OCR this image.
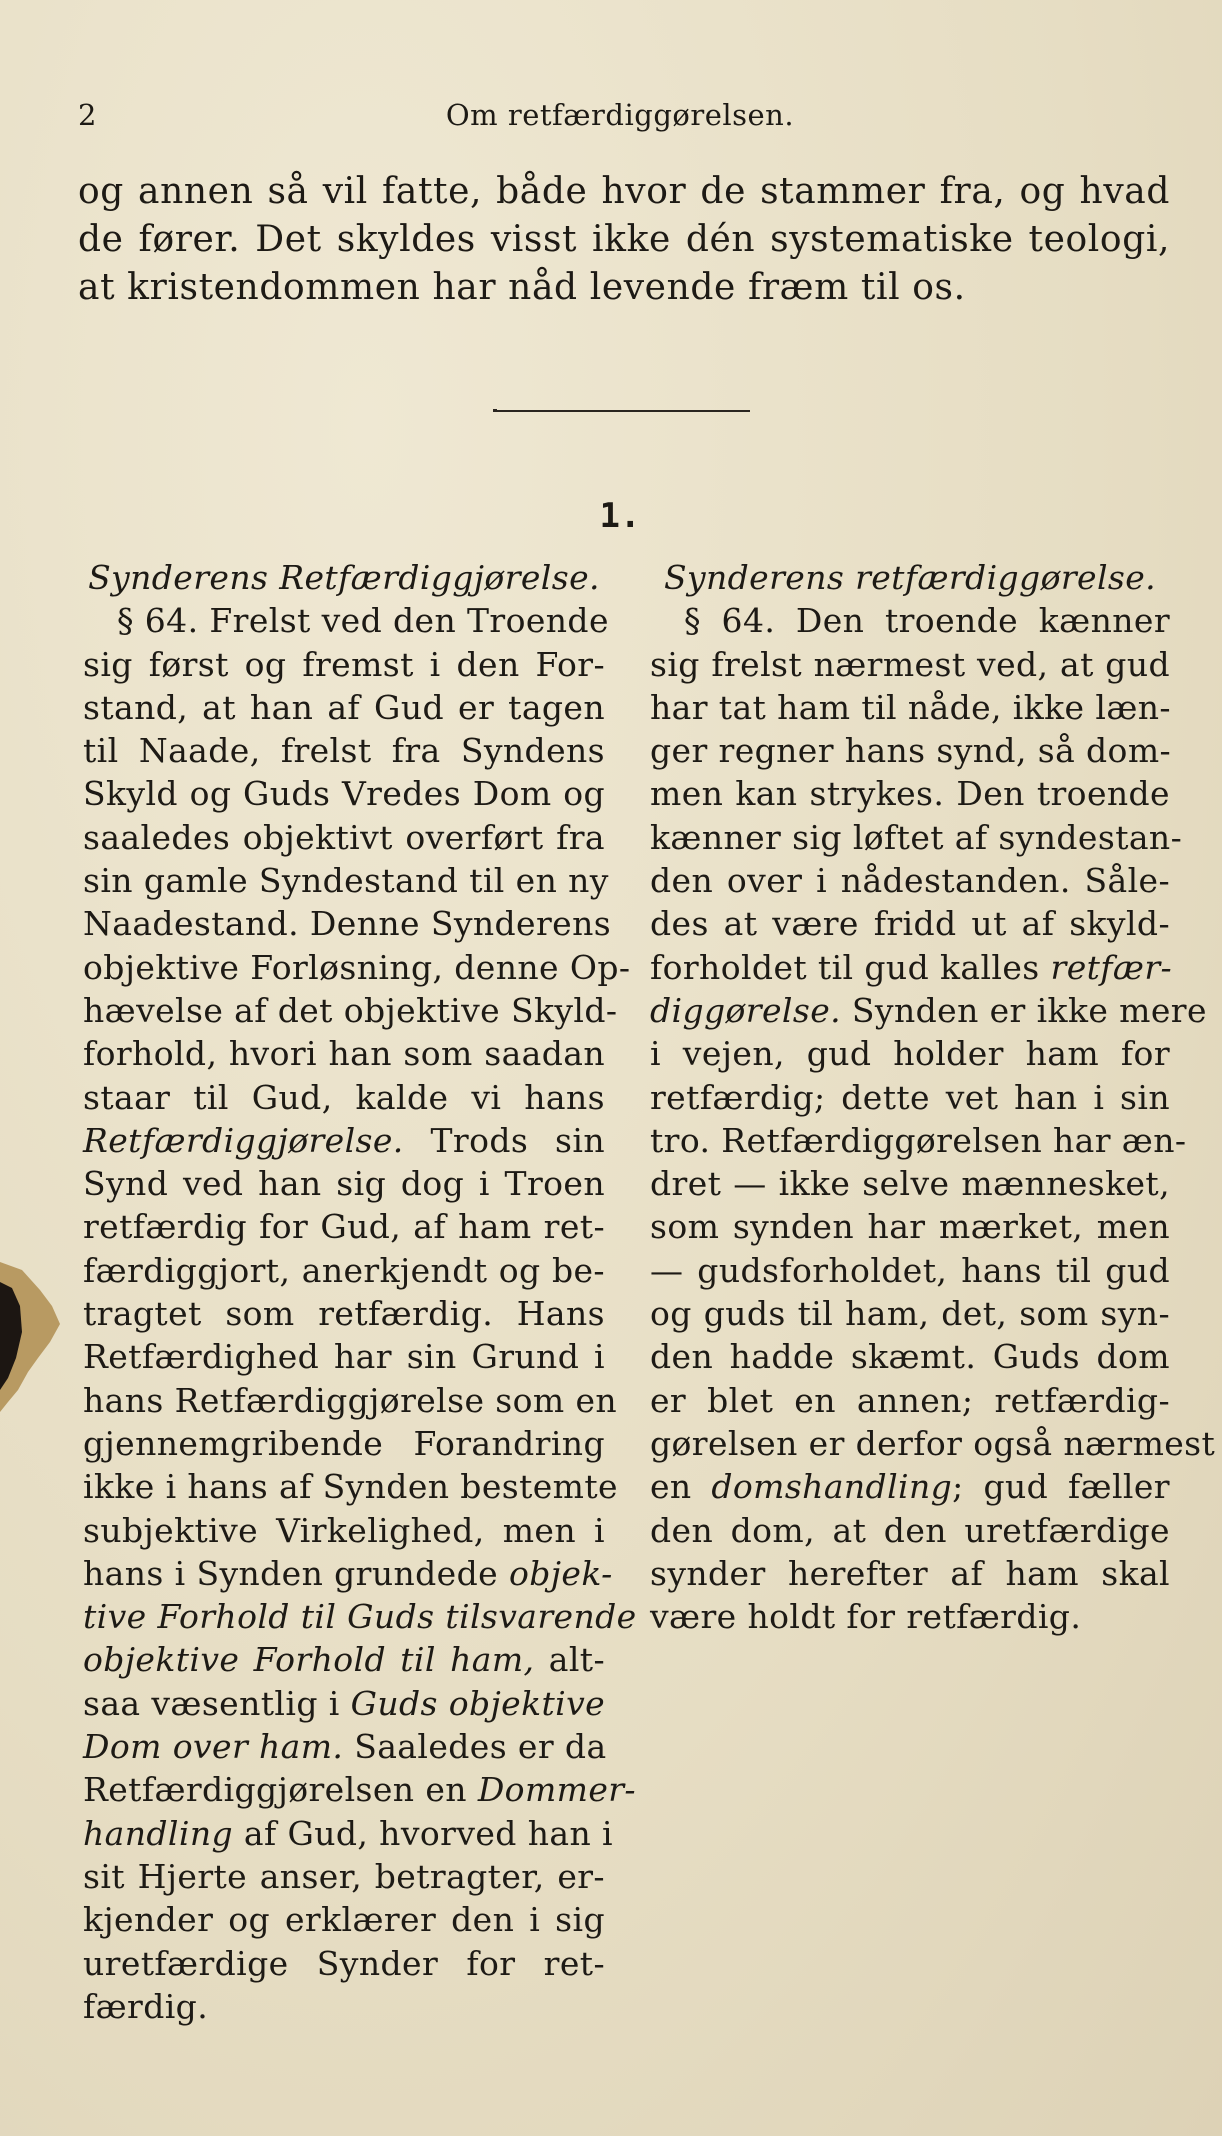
2	Om retfærdiggørelsen.
og annen så vil fatte, både hvor de stammer fra, og hvad
de fører. Det skyldes visst ikke dén systematiske teologi,
at kristendommen har nåd levende fræm til os.
1.
Synderens Retfærdiggjørelse.
§ 64. Frelst ved den Troende
sig først og fremst i den For-
stand, at han af Gud er tagen
til Naade, frelst fra Syndens
Skyld og Guds Vredes Dom og
saaledes objektivt overført fra
sin gamle Syndestand til en ny
Naadestand. Denne Synderens
objektive Forløsning, denne Op-
hævelse af det objektive Skyld-
forhold, hvori han som saadan
staar til Gud, kalde vi hans
Retfærdiggjørelse. Trods sin
Synd ved han sig dog i Troen
retfærdig for Gud, af ham ret-
færdiggjort, anerkjendt og be-
tragtet som retfærdig. Hans
Retfærdighed har sin Grund i
hans Retfærdiggjørelse som en
gjennemgribende Forandring
ikke i hans af Synden bestemte
subjektive Virkelighed, men i
hans i Synden grundede objek-
tive Forhold til Guds tilsvarende
objektive Forhold til ham, alt-
saa væsentlig i Guds objektive
Dom over ham. Saaledes er da
Retfærdiggjørelsen en Dommer-
handling af Gud, hvorved han i
sit Hjerte anser, betragter, er-
kjender og erklærer den i sig
uretfærdige Synder for ret-
færdig.
Synderens retfærdiggørelse.
§ 64. Den troende kænner
sig frelst nærmest ved, at gud
har tat ham til nåde, ikke læn-
ger regner hans synd, så dom-
men kan strykes. Den troende
kænner sig løftet af syndestan-
den over i nådestanden. Såle-
des at være fridd ut af skyld-
forholdet til gud kalles retfær-
diggørelse. Synden er ikke mere
i vejen, gud holder ham for
retfærdig; dette vet han i sin
tro. Retfærdiggørelsen har æn-
dret — ikke selve mænnesket,
som synden har mærket, men
— gudsforholdet, hans til gud
og guds til ham, det, som syn-
den hadde skæmt. Guds dom
er blet en annen; retfærdig-
gørelsen er derfor også nærmest
en domshandling; gud fæller
den dom, at den uretfærdige
synder herefter af ham skal
være holdt for retfærdig.
